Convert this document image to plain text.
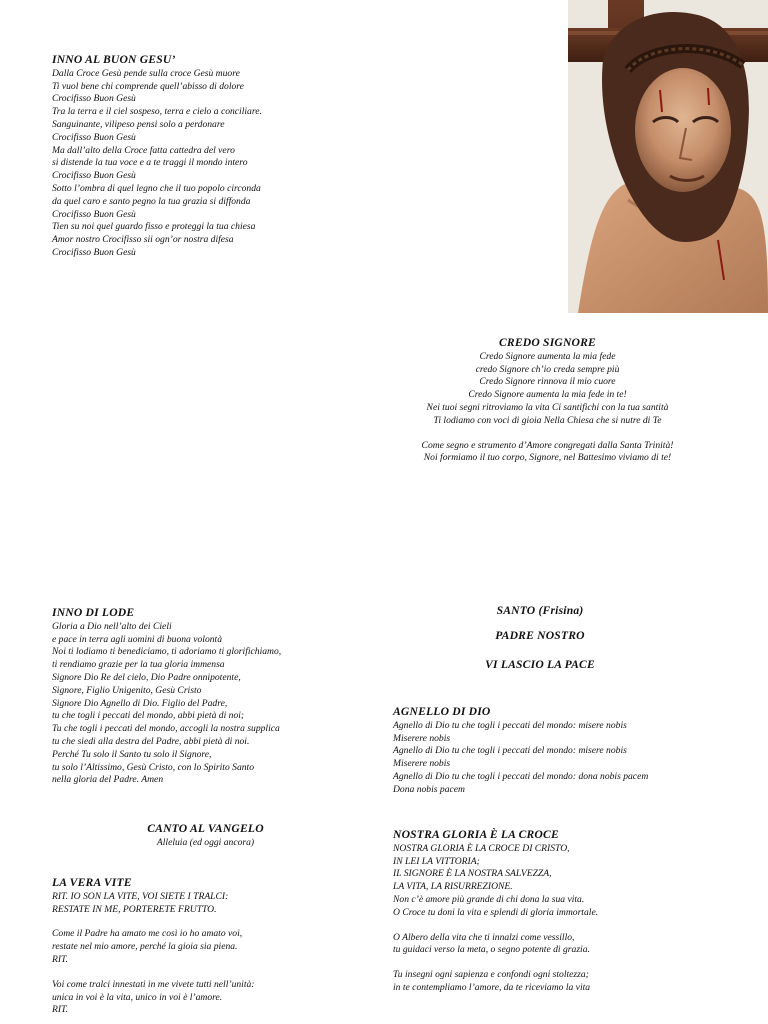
INNO AL BUON GESU’
Dalla Croce Gesù pende sulla croce Gesù muore
Ti vuol bene chi comprende quell’abisso di dolore
Crocifisso Buon Gesù
Tra la terra e il ciel sospeso, terra e cielo a conciliare.
Sanguinante, vilipeso pensi solo a perdonare
Crocifisso Buon Gesù
Ma dall’alto della Croce fatta cattedra del vero
si distende la tua voce e a te traggi il mondo intero
Crocifisso Buon Gesù
Sotto l’ombra di quel legno che il tuo popolo circonda
da quel caro e santo pegno la tua grazia si diffonda
Crocifisso Buon Gesù
Tien su noi quel guardo fisso e proteggi la tua chiesa
Amor nostro Crocifisso sii ogn’or nostra difesa
Crocifisso Buon Gesù
CREDO SIGNORE
Credo Signore aumenta la mia fede
credo Signore ch’io creda sempre più
Credo Signore rinnova il mio cuore
Credo Signore aumenta la mia fede in te!
Nei tuoi segni ritroviamo la vita Ci santifichi con la tua santità
Ti lodiamo con voci di gioia Nella Chiesa che si nutre di Te
Come segno e strumento d’Amore congregati dalla Santa Trinità!
Noi formiamo il tuo corpo, Signore, nel Battesimo viviamo di te!
INNO DI LODE
Gloria a Dio nell’alto dei Cieli
e pace in terra agli uomini di buona volontà
Noi ti lodiamo ti benediciamo, ti adoriamo ti glorifichiamo,
ti rendiamo grazie per la tua gloria immensa
Signore Dio Re del cielo, Dio Padre onnipotente,
Signore, Figlio Unigenito, Gesù Cristo
Signore Dio Agnello di Dio. Figlio del Padre,
tu che togli i peccati del mondo, abbi pietà di noi;
Tu che togli i peccati del mondo, accogli la nostra supplica
tu che siedi alla destra del Padre, abbi pietà di noi.
Perché Tu solo il Santo tu solo il Signore,
tu solo l’Altissimo, Gesù Cristo, con lo Spirito Santo
nella gloria del Padre. Amen
SANTO (Frisina)
PADRE NOSTRO
VI LASCIO LA PACE
AGNELLO DI DIO
Agnello di Dio tu che togli i peccati del mondo: misere nobis
Miserere nobis
Agnello di Dio tu che togli i peccati del mondo: misere nobis
Miserere nobis
Agnello di Dio tu che togli i peccati del mondo: dona nobis pacem
Dona nobis pacem
CANTO AL VANGELO
Alleluia (ed oggi ancora)
LA VERA VITE
RIT. IO SON LA VITE, VOI SIETE I TRALCI:
RESTATE IN ME, PORTERETE FRUTTO.
Come il Padre ha amato me così io ho amato voi,
restate nel mio amore, perché la gioia sia piena.
RIT.
Voi come tralci innestati in me vivete tutti nell’unità:
unica in voi è la vita, unico in voi è l’amore.
RIT.
NOSTRA GLORIA È LA CROCE
NOSTRA GLORIA È LA CROCE DI CRISTO,
IN LEI LA VITTORIA;
IL SIGNORE È LA NOSTRA SALVEZZA,
LA VITA, LA RISURREZIONE.
Non c’è amore più grande di chi dona la sua vita.
O Croce tu doni la vita e splendi di gloria immortale.
O Albero della vita che ti innalzi come vessillo,
tu guidaci verso la meta, o segno potente di grazia.
Tu insegni ogni sapienza e confondi ogni stoltezza;
in te contempliamo l’amore, da te riceviamo la vita
